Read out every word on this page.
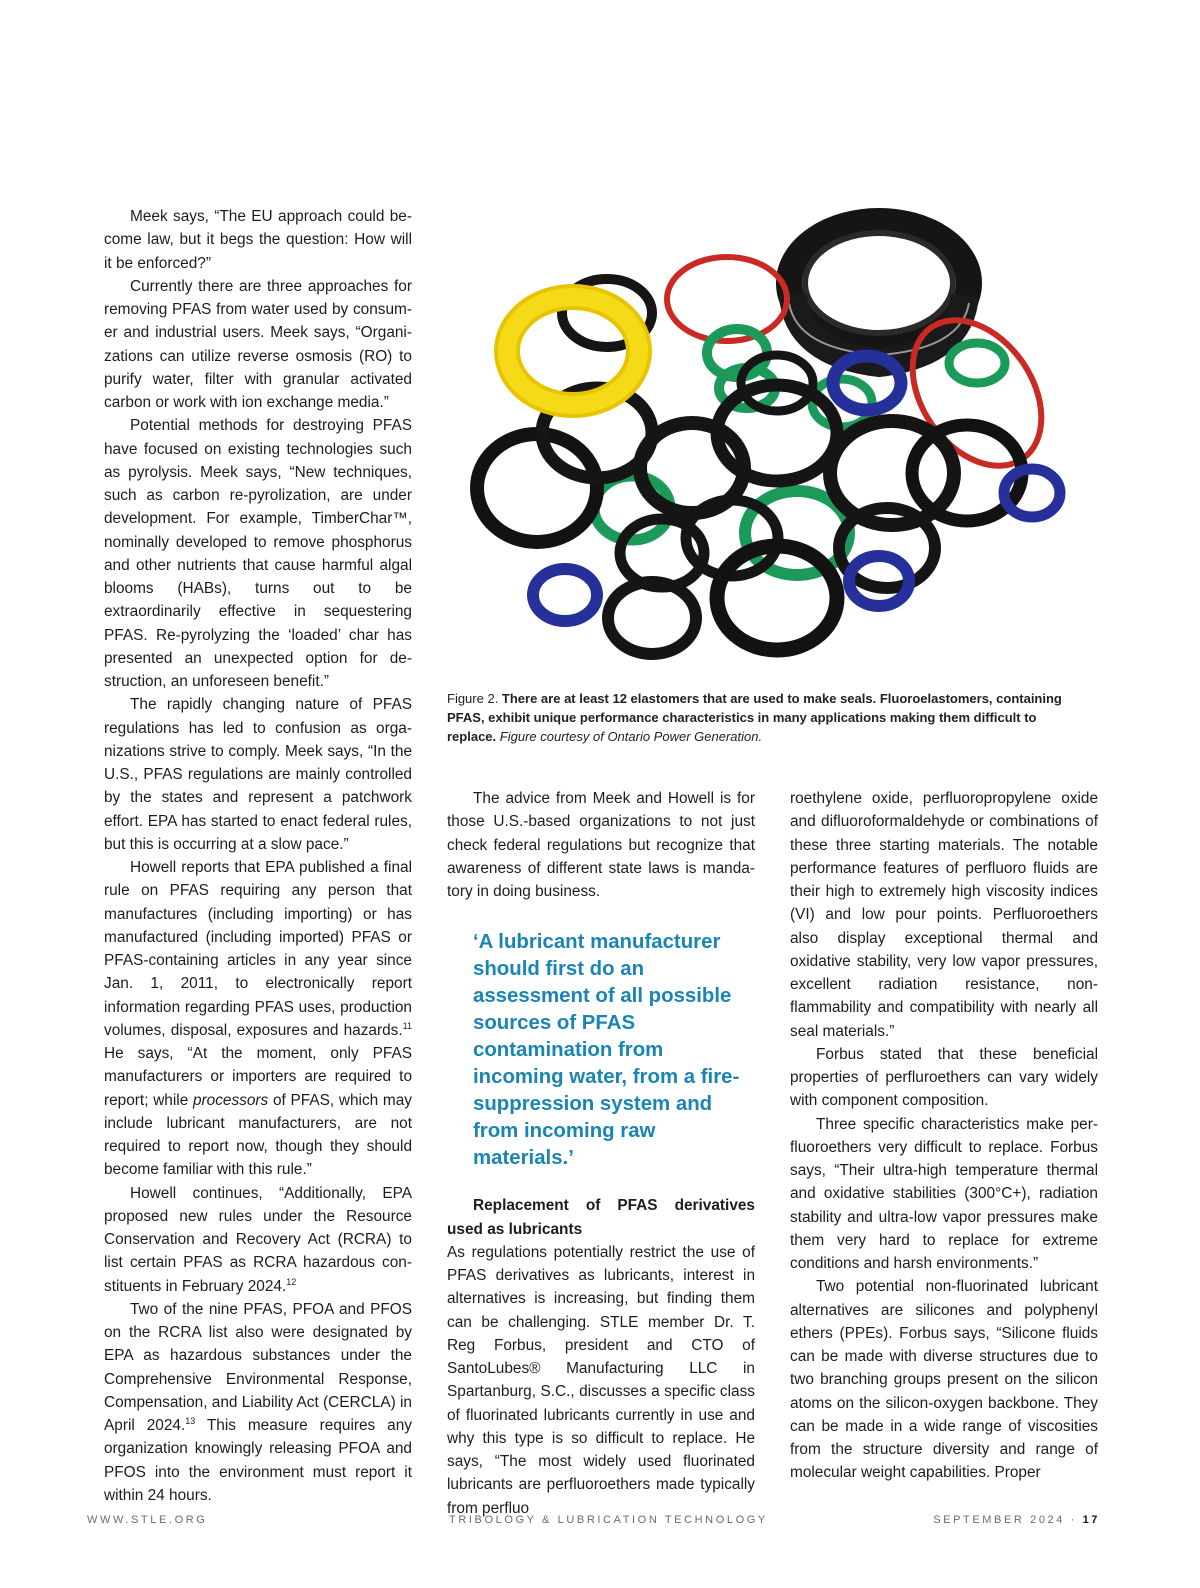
Meek says, “The EU approach could become law, but it begs the question: How will it be enforced?”

Currently there are three approaches for removing PFAS from water used by consumer and industrial users. Meek says, “Organizations can utilize reverse osmosis (RO) to purify water, filter with granular activated carbon or work with ion exchange media.”

Potential methods for destroying PFAS have focused on existing technologies such as pyrolysis. Meek says, “New techniques, such as carbon re-pyrolization, are under development. For example, TimberChar™, nominally developed to remove phosphorus and other nutrients that cause harmful algal blooms (HABs), turns out to be extraordinarily effective in sequestering PFAS. Re-pyrolyzing the ‘loaded’ char has presented an unexpected option for destruction, an unforeseen benefit.”

The rapidly changing nature of PFAS regulations has led to confusion as organizations strive to comply. Meek says, “In the U.S., PFAS regulations are mainly controlled by the states and represent a patchwork effort. EPA has started to enact federal rules, but this is occurring at a slow pace.”

Howell reports that EPA published a final rule on PFAS requiring any person that manufactures (including importing) or has manufactured (including imported) PFAS or PFAS-containing articles in any year since Jan. 1, 2011, to electronically report information regarding PFAS uses, production volumes, disposal, exposures and hazards.$^{11}$ He says, “At the moment, only PFAS manufacturers or importers are required to report; while processors of PFAS, which may include lubricant manufacturers, are not required to report now, though they should become familiar with this rule.”

Howell continues, “Additionally, EPA proposed new rules under the Resource Conservation and Recovery Act (RCRA) to list certain PFAS as RCRA hazardous constituents in February 2024.12

Two of the nine PFAS, PFOA and PFOS on the RCRA list also were designated by EPA as hazardous substances under the Comprehensive Environmental Response, Compensation, and Liability Act (CERCLA) in April 2024.13 This measure requires any organization knowingly releasing PFOA and PFOS into the environment must report it within 24 hours.

Figure 2. There are at least 12 elastomers that are used to make seals. Fluoroelastomers, containing PFAS, exhibit unique performance characteristics in many applications making them difficult to replace. Figure courtesy of Ontario Power Generation.

The advice from Meek and Howell is for those U.S.-based organizations to not just check federal regulations but recognize that awareness of different state laws is mandatory in doing business.

‘A lubricant manufacturer should first do an assessment of all possible sources of PFAS contamination from incoming water, from a fire-suppression system and from incoming raw materials.’

Replacement of PFAS derivatives used as lubricants

As regulations potentially restrict the use of PFAS derivatives as lubricants, interest in alternatives is increasing, but finding them can be challenging. STLE member Dr. T. Reg Forbus, president and CTO of SantoLubes® Manufacturing LLC in Spartanburg, S.C., discusses a specific class of fluorinated lubricants currently in use and why this type is so difficult to replace. He says, “The most widely used fluorinated lubricants are perfluoroethers made typically from perfluo

roethylene oxide, perfluoropropylene oxide and difluoroformaldehyde or combinations of these three starting materials. The notable performance features of perfluoro fluids are their high to extremely high viscosity indices (VI) and low pour points. Perfluoroethers also display exceptional thermal and oxidative stability, very low vapor pressures, excellent radiation resistance, non-flammability and compatibility with nearly all seal materials.”

Forbus stated that these beneficial properties of perfluroethers can vary widely with component composition.

Three specific characteristics make perfluoroethers very difficult to replace. Forbus says, “Their ultra-high temperature thermal and oxidative stabilities (300°C+), radiation stability and ultra-low vapor pressures make them very hard to replace for extreme conditions and harsh environments.”

Two potential non-fluorinated lubricant alternatives are silicones and polyphenyl ethers (PPEs). Forbus says, “Silicone fluids can be made with diverse structures due to two branching groups present on the silicon atoms on the silicon-oxygen backbone. They can be made in a wide range of viscosities from the structure diversity and range of molecular weight capabilities. Proper

WWW.STLE.ORG	TRIBOLOGY & LUBRICATION TECHNOLOGY	SEPTEMBER 2024 · 17
